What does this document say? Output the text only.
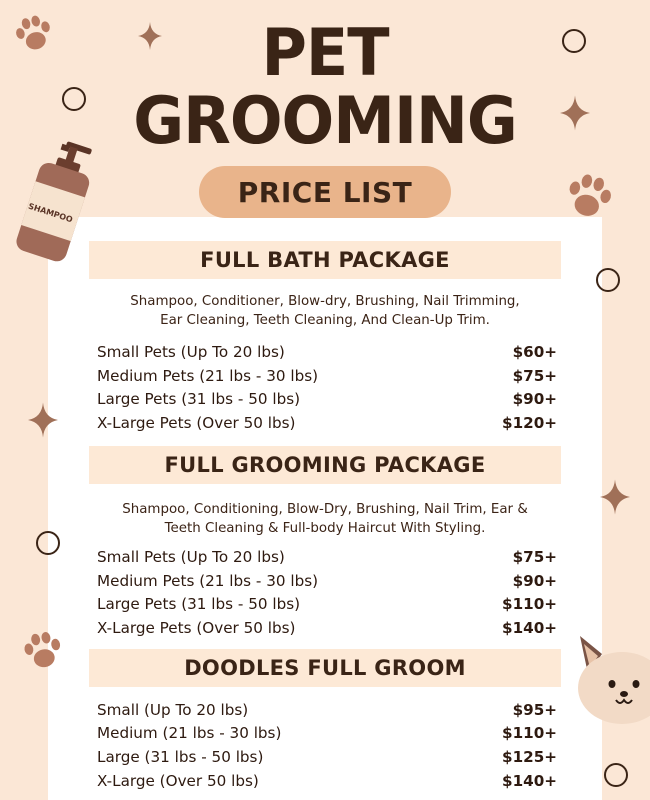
PET
GROOMING
PRICE LIST
FULL BATH PACKAGE
Shampoo, Conditioner, Blow-dry, Brushing, Nail Trimming,
Ear Cleaning, Teeth Cleaning, And Clean-Up Trim.
Small Pets (Up To 20 lbs)	$60+
Medium Pets (21 lbs - 30 lbs)	$75+
Large Pets (31 lbs - 50 lbs)	$90+
X-Large Pets (Over 50 lbs)	$120+
FULL GROOMING PACKAGE
Shampoo, Conditioning, Blow-Dry, Brushing, Nail Trim, Ear &
Teeth Cleaning & Full-body Haircut With Styling.
Small Pets (Up To 20 lbs)	$75+
Medium Pets (21 lbs - 30 lbs)	$90+
Large Pets (31 lbs - 50 lbs)	$110+
X-Large Pets (Over 50 lbs)	$140+
DOODLES FULL GROOM
Small (Up To 20 lbs)	$95+
Medium (21 lbs - 30 lbs)	$110+
Large (31 lbs - 50 lbs)	$125+
X-Large (Over 50 lbs)	$140+
SHAMPOO
